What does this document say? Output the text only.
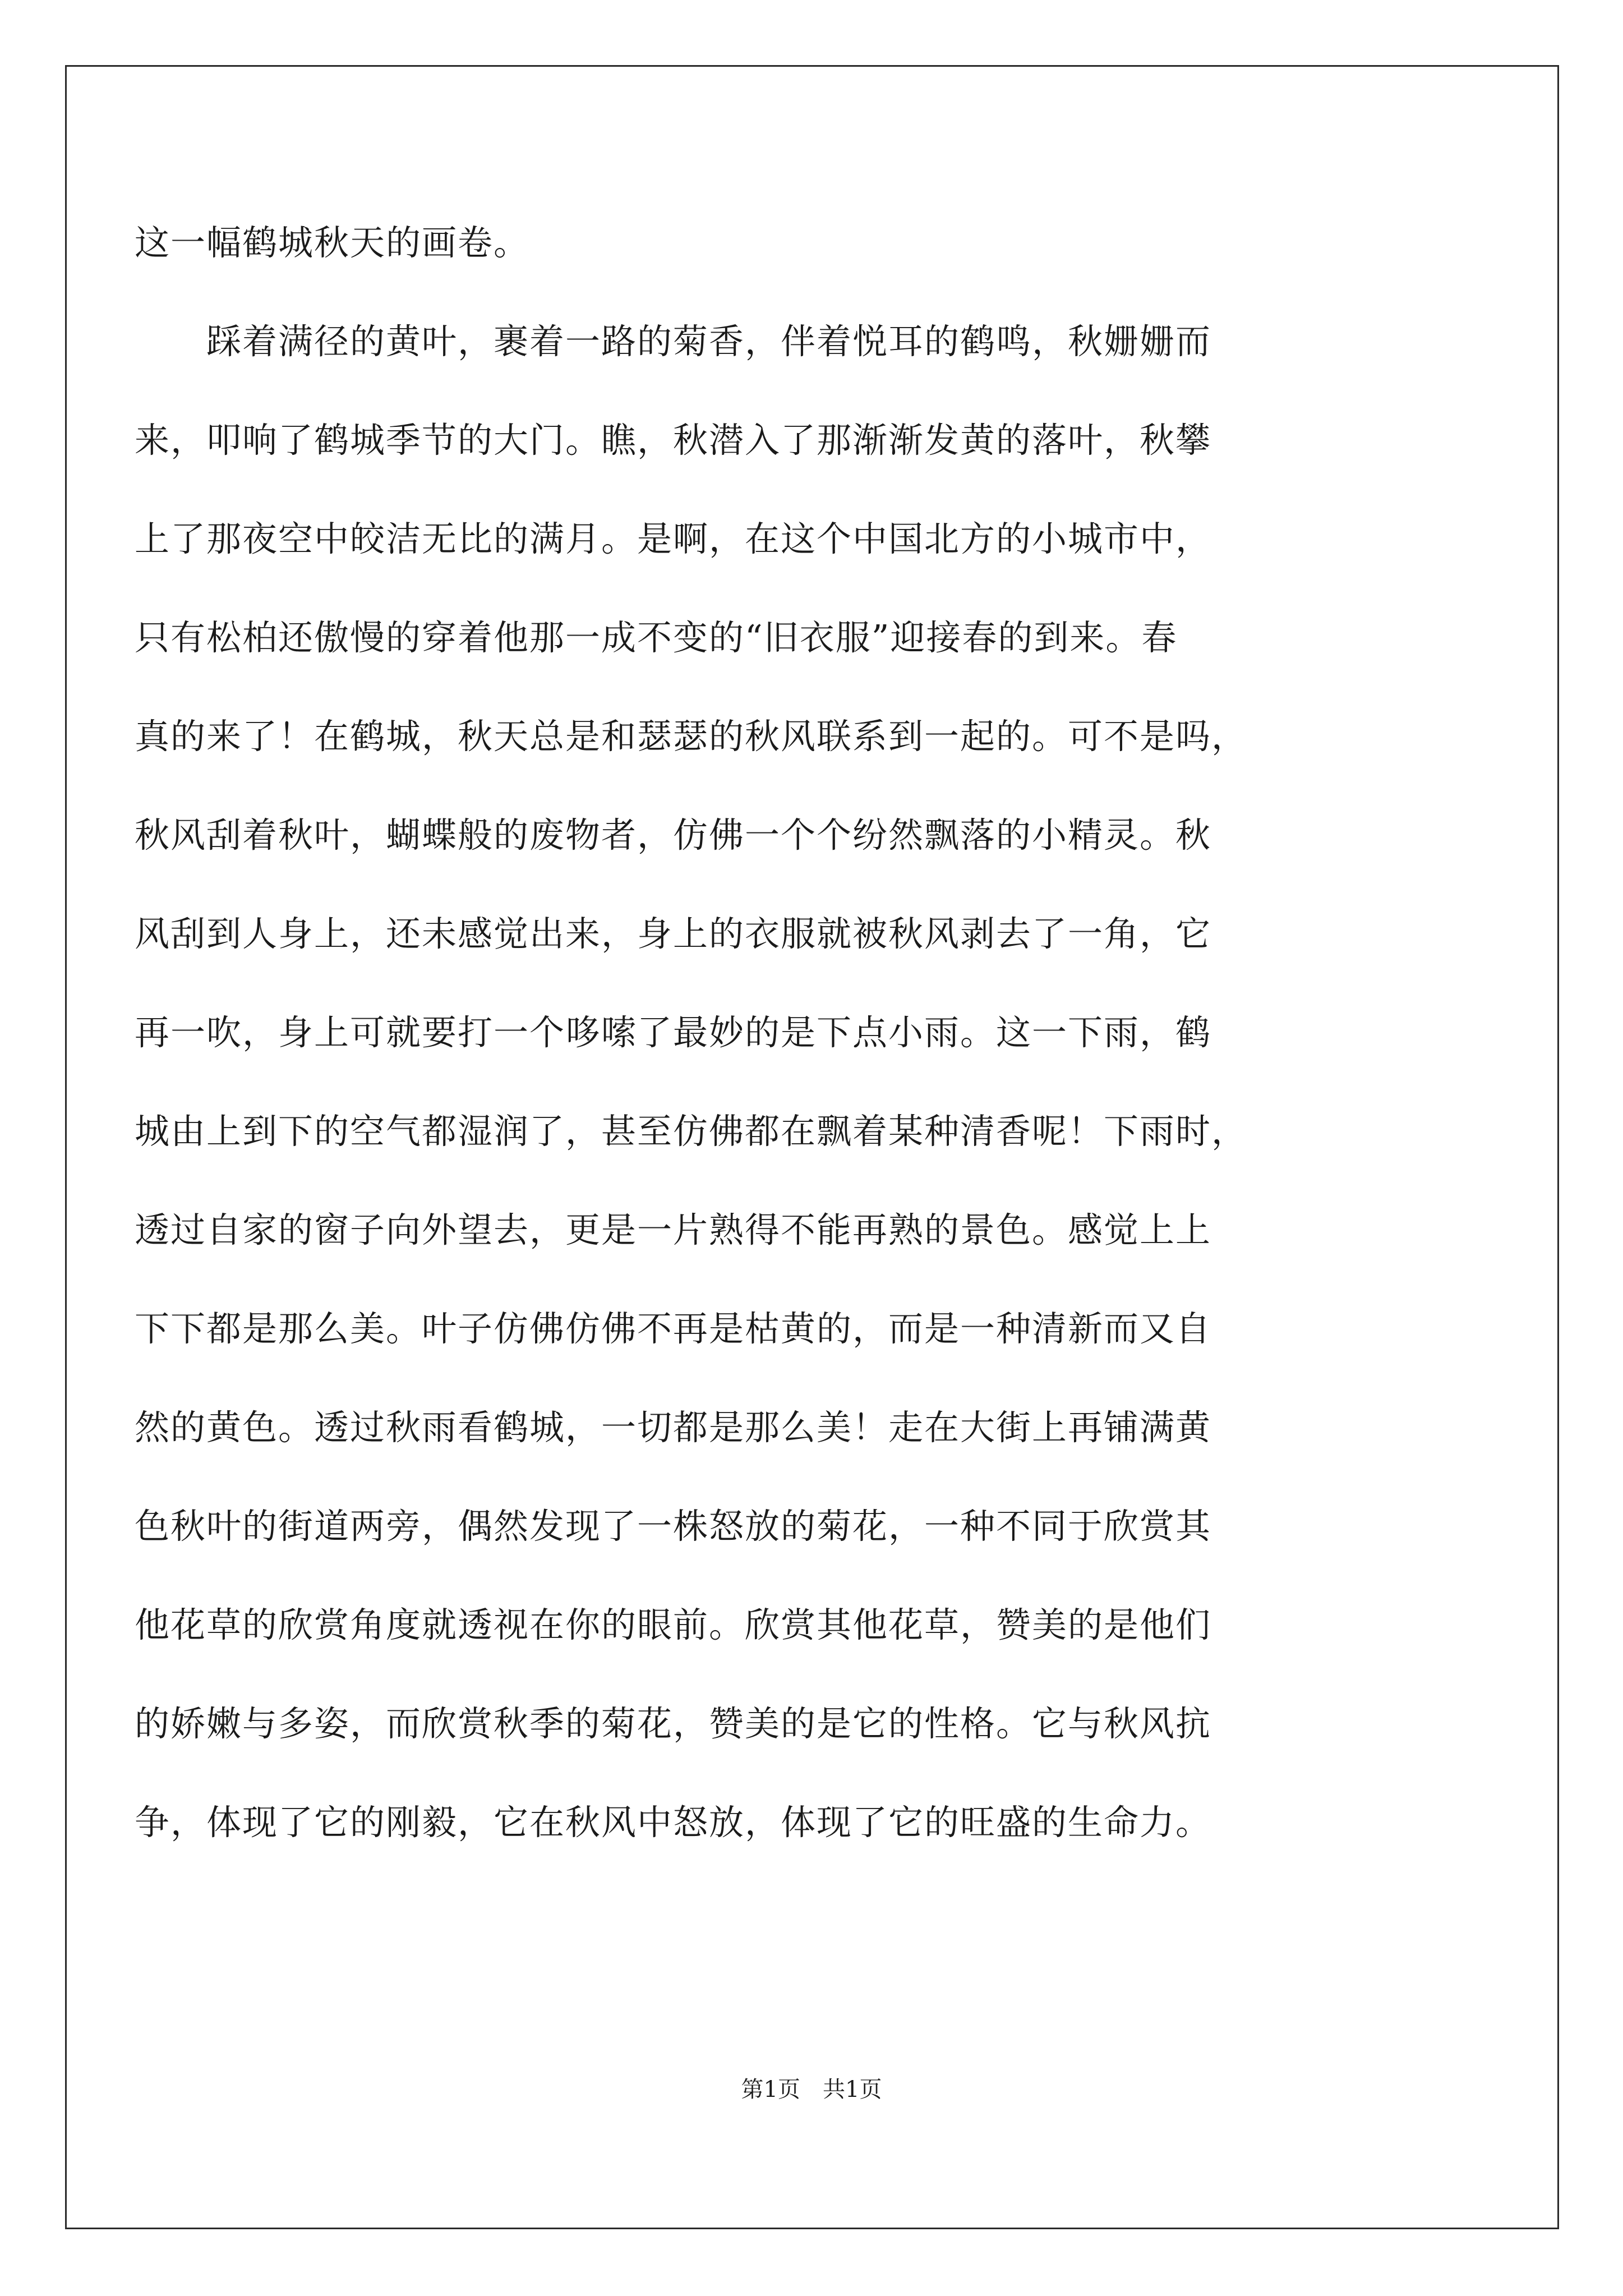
这一幅鹤城秋天的画卷。
　　踩着满径的黄叶，裹着一路的菊香，伴着悦耳的鹤鸣，秋姗姗而
来，叩响了鹤城季节的大门。瞧，秋潜入了那渐渐发黄的落叶，秋攀
上了那夜空中皎洁无比的满月。是啊，在这个中国北方的小城市中，
只有松柏还傲慢的穿着他那一成不变的“旧衣服”迎接春的到来。春
真的来了！在鹤城，秋天总是和瑟瑟的秋风联系到一起的。可不是吗，
秋风刮着秋叶，蝴蝶般的废物者，仿佛一个个纷然飘落的小精灵。秋
风刮到人身上，还未感觉出来，身上的衣服就被秋风剥去了一角，它
再一吹，身上可就要打一个哆嗦了最妙的是下点小雨。这一下雨，鹤
城由上到下的空气都湿润了，甚至仿佛都在飘着某种清香呢！下雨时，
透过自家的窗子向外望去，更是一片熟得不能再熟的景色。感觉上上
下下都是那么美。叶子仿佛仿佛不再是枯黄的，而是一种清新而又自
然的黄色。透过秋雨看鹤城，一切都是那么美！走在大街上再铺满黄
色秋叶的街道两旁，偶然发现了一株怒放的菊花，一种不同于欣赏其
他花草的欣赏角度就透视在你的眼前。欣赏其他花草，赞美的是他们
的娇嫩与多姿，而欣赏秋季的菊花，赞美的是它的性格。它与秋风抗
争，体现了它的刚毅，它在秋风中怒放，体现了它的旺盛的生命力。
第1页　共1页
